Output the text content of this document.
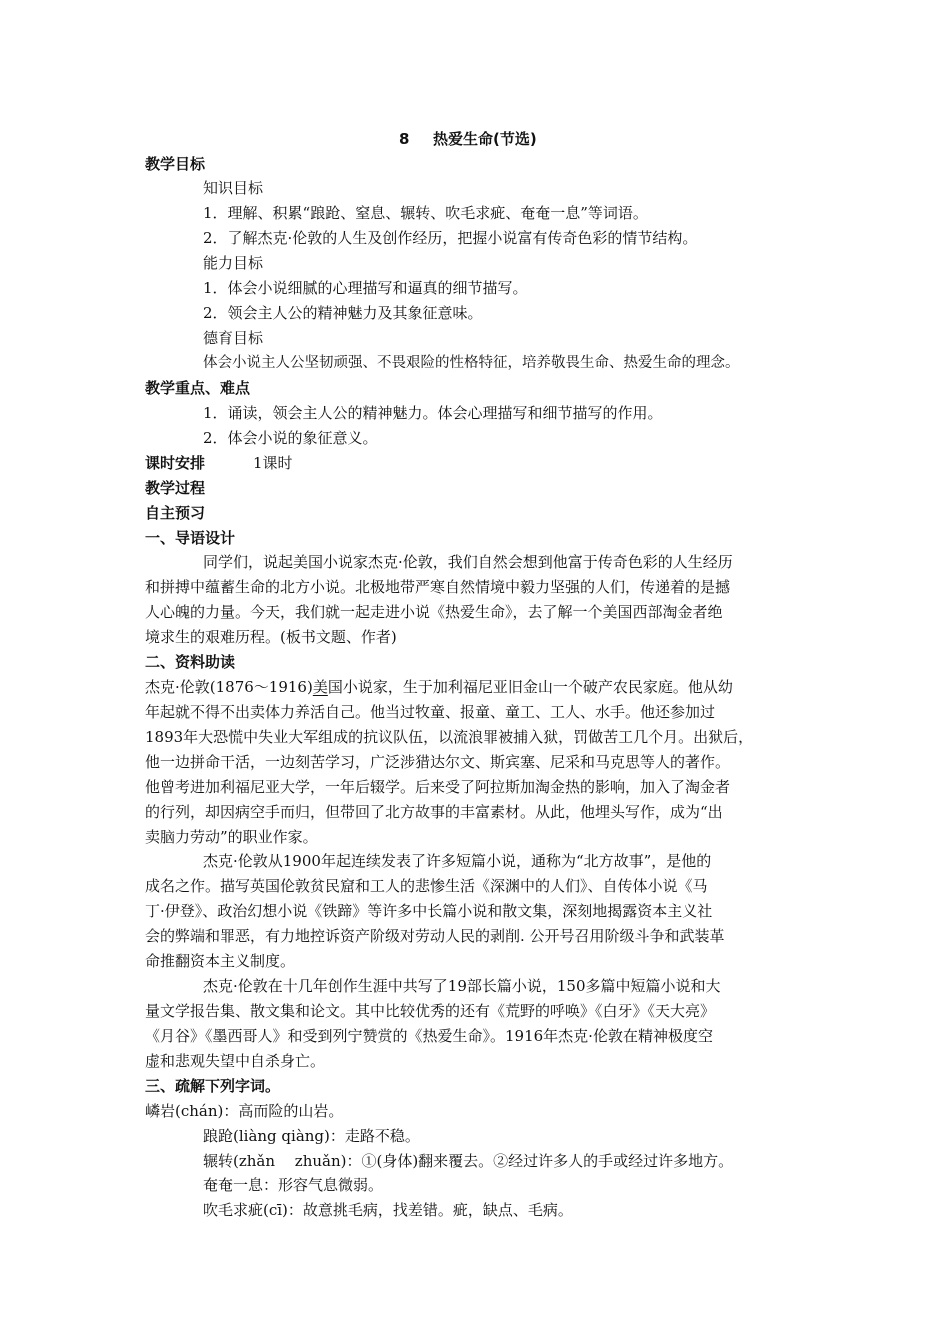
8 热爱生命(节选)
教学目标
知识目标
1．理解、积累“踉跄、窒息、辗转、吹毛求疵、奄奄一息”等词语。
2．了解杰克·伦敦的人生及创作经历，把握小说富有传奇色彩的情节结构。
能力目标
1．体会小说细腻的心理描写和逼真的细节描写。
2．领会主人公的精神魅力及其象征意味。
德育目标
体会小说主人公坚韧顽强、不畏艰险的性格特征，培养敬畏生命、热爱生命的理念。
教学重点、难点
1．诵读，领会主人公的精神魅力。体会心理描写和细节描写的作用。
2．体会小说的象征意义。
课时安排	1课时
教学过程
自主预习
一、导语设计
同学们，说起美国小说家杰克·伦敦，我们自然会想到他富于传奇色彩的人生经历
和拼搏中蕴蓄生命的北方小说。北极地带严寒自然情境中毅力坚强的人们，传递着的是撼
人心魄的力量。今天，我们就一起走进小说《热爱生命》，去了解一个美国西部淘金者绝
境求生的艰难历程。(板书文题、作者)
二、资料助读
杰克·伦敦(1876～1916)美国小说家，生于加利福尼亚旧金山一个破产农民家庭。他从幼
年起就不得不出卖体力养活自己。他当过牧童、报童、童工、工人、水手。他还参加过
1893年大恐慌中失业大军组成的抗议队伍，以流浪罪被捕入狱，罚做苦工几个月。出狱后，
他一边拼命干活，一边刻苦学习，广泛涉猎达尔文、斯宾塞、尼采和马克思等人的著作。
他曾考进加利福尼亚大学，一年后辍学。后来受了阿拉斯加淘金热的影响，加入了淘金者
的行列，却因病空手而归，但带回了北方故事的丰富素材。从此，他埋头写作，成为“出
卖脑力劳动”的职业作家。
杰克·伦敦从1900年起连续发表了许多短篇小说，通称为“北方故事”，是他的
成名之作。描写英国伦敦贫民窟和工人的悲惨生活《深渊中的人们》、自传体小说《马
丁·伊登》、政治幻想小说《铁蹄》等许多中长篇小说和散文集，深刻地揭露资本主义社
会的弊端和罪恶，有力地控诉资产阶级对劳动人民的剥削. 公开号召用阶级斗争和武装革
命推翻资本主义制度。
杰克·伦敦在十几年创作生涯中共写了19部长篇小说，150多篇中短篇小说和大
量文学报告集、散文集和论文。其中比较优秀的还有《荒野的呼唤》《白牙》《天大亮》
《月谷》《墨西哥人》和受到列宁赞赏的《热爱生命》。1916年杰克·伦敦在精神极度空
虚和悲观失望中自杀身亡。
三、疏解下列字词。
嶙岩(chán)：高而险的山岩。
踉跄(liàng qiàng)：走路不稳。
辗转(zhǎn　 zhuǎn)：①(身体)翻来覆去。②经过许多人的手或经过许多地方。
奄奄一息：形容气息微弱。
吹毛求疵(cī)：故意挑毛病，找差错。疵，缺点、毛病。
